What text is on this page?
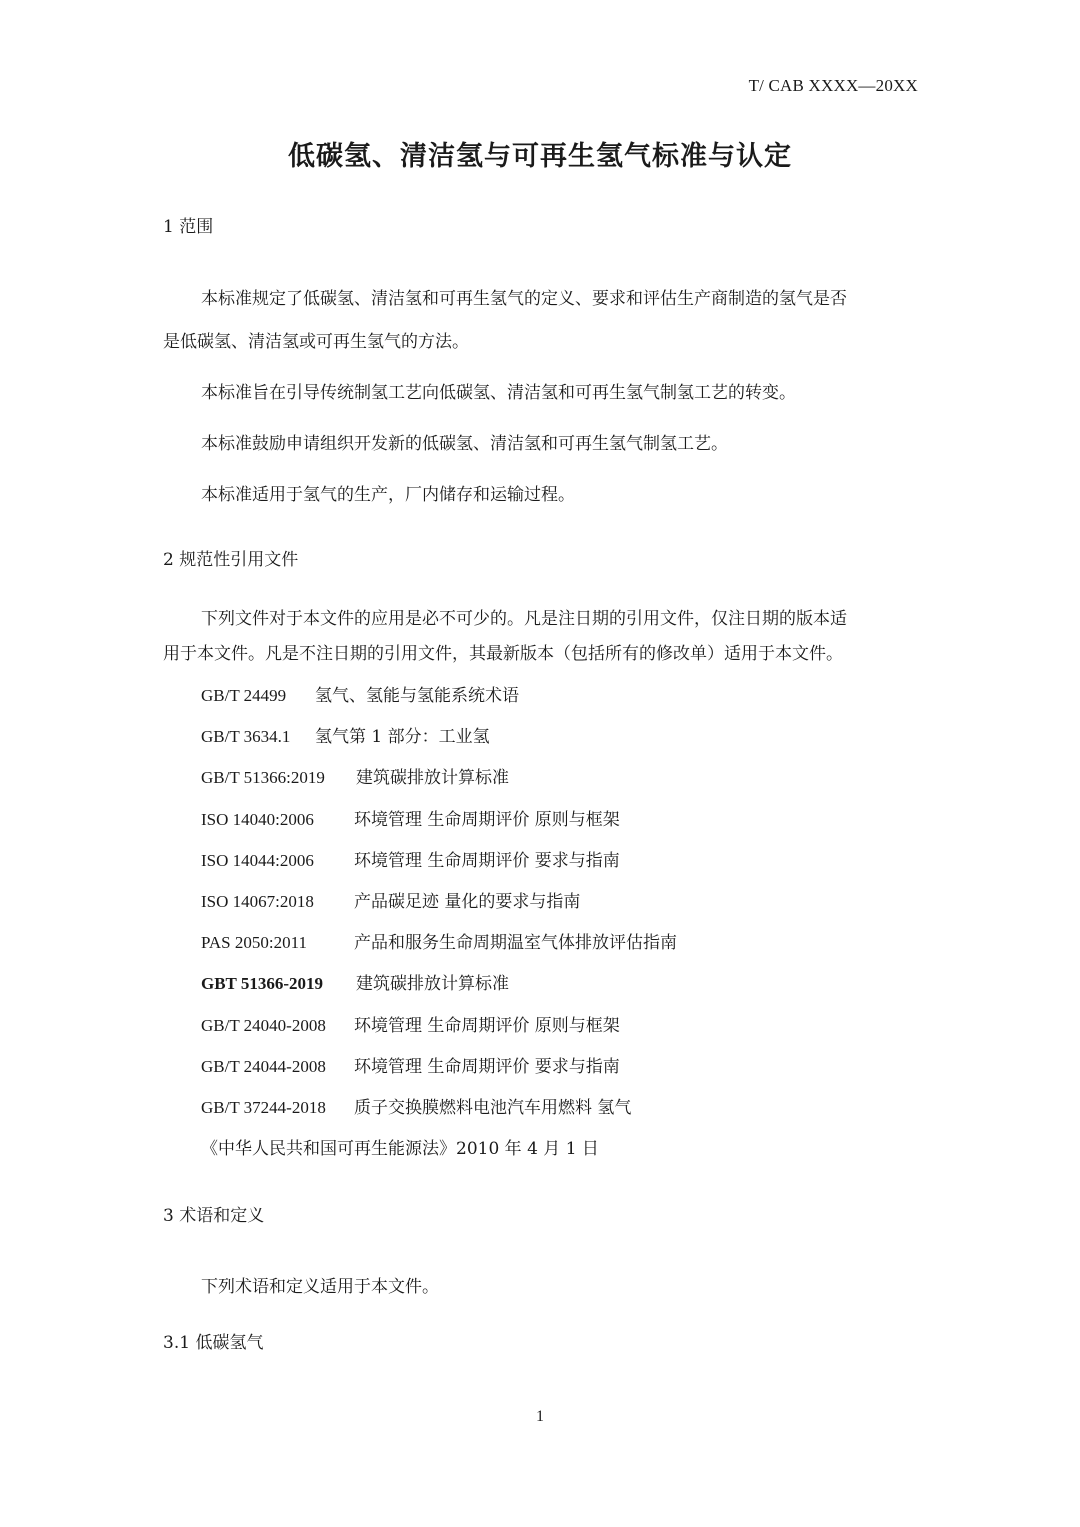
T/ CAB XXXX—20XX
低碳氢、清洁氢与可再生氢气标准与认定
1 范围
本标准规定了低碳氢、清洁氢和可再生氢气的定义、要求和评估生产商制造的氢气是否
是低碳氢、清洁氢或可再生氢气的方法。
本标准旨在引导传统制氢工艺向低碳氢、清洁氢和可再生氢气制氢工艺的转变。
本标准鼓励申请组织开发新的低碳氢、清洁氢和可再生氢气制氢工艺。
本标准适用于氢气的生产，厂内储存和运输过程。
2 规范性引用文件
下列文件对于本文件的应用是必不可少的。凡是注日期的引用文件，仅注日期的版本适
用于本文件。凡是不注日期的引用文件，其最新版本（包括所有的修改单）适用于本文件。
GB/T 24499 氢气、氢能与氢能系统术语
GB/T 3634.1 氢气第 1 部分：工业氢
GB/T 51366:2019 建筑碳排放计算标准
ISO 14040:2006 环境管理 生命周期评价 原则与框架
ISO 14044:2006 环境管理 生命周期评价 要求与指南
ISO 14067:2018 产品碳足迹 量化的要求与指南
PAS 2050:2011	产品和服务生命周期温室气体排放评估指南
GBT 51366-2019 建筑碳排放计算标准
GB/T 24040-2008 环境管理 生命周期评价 原则与框架
GB/T 24044-2008 环境管理 生命周期评价 要求与指南
GB/T 37244-2018 质子交换膜燃料电池汽车用燃料 氢气
《中华人民共和国可再生能源法》2010 年 4 月 1 日
3 术语和定义
下列术语和定义适用于本文件。
3.1 低碳氢气
1
